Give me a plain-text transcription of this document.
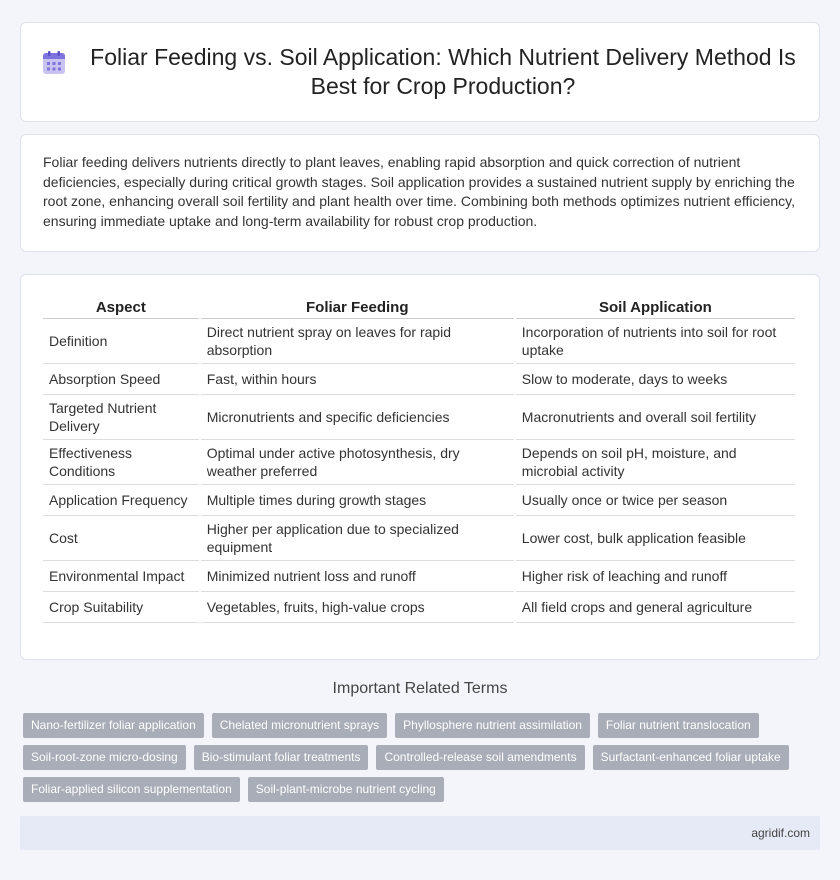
Foliar Feeding vs. Soil Application: Which Nutrient Delivery Method Is Best for Crop Production?

Foliar feeding delivers nutrients directly to plant leaves, enabling rapid absorption and quick correction of nutrient deficiencies, especially during critical growth stages. Soil application provides a sustained nutrient supply by enriching the root zone, enhancing overall soil fertility and plant health over time. Combining both methods optimizes nutrient efficiency, ensuring immediate uptake and long-term availability for robust crop production.

Aspect	Foliar Feeding	Soil Application
Definition	Direct nutrient spray on leaves for rapid absorption	Incorporation of nutrients into soil for root uptake
Absorption Speed	Fast, within hours	Slow to moderate, days to weeks
Targeted Nutrient Delivery	Micronutrients and specific deficiencies	Macronutrients and overall soil fertility
Effectiveness Conditions	Optimal under active photosynthesis, dry weather preferred	Depends on soil pH, moisture, and microbial activity
Application Frequency	Multiple times during growth stages	Usually once or twice per season
Cost	Higher per application due to specialized equipment	Lower cost, bulk application feasible
Environmental Impact	Minimized nutrient loss and runoff	Higher risk of leaching and runoff
Crop Suitability	Vegetables, fruits, high-value crops	All field crops and general agriculture
Important Related Terms
Nano-fertilizer foliar application	Chelated micronutrient sprays	Phyllosphere nutrient assimilation	Foliar nutrient translocation
Soil-root-zone micro-dosing	Bio-stimulant foliar treatments	Controlled-release soil amendments	Surfactant-enhanced foliar uptake
Foliar-applied silicon supplementation	Soil-plant-microbe nutrient cycling
agridif.com
